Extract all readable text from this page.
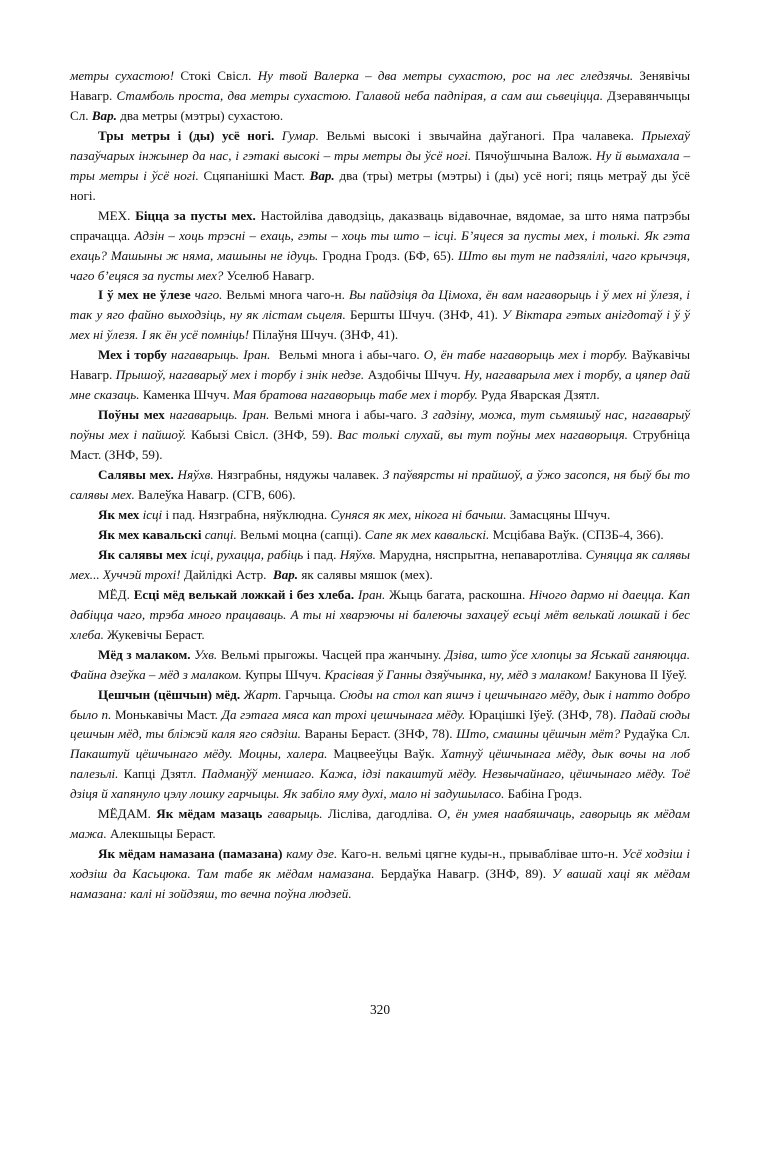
метры сухастою! Стокі Свісл. Ну твой Валерка – два метры сухастою, рос на лес гледзячы. Зенявічы Навагр. Стамболь проста, два метры сухастою. Галавой неба падпірая, а сам аш сьвеціцца. Дзеравянчыцы Сл. Вар. два метры (мэтры) сухастою.
Тры метры і (ды) усё ногі. Гумар. Вельмі высокі і звычайна даўганогі. Пра чалавека. Прыехаў пазаўчарых інжынер да нас, і гэтакі высокі – тры метры ды ўсё ногі. Пячоўшчына Валож. Ну й вымахала – тры метры і ўсё ногі. Сцяпанішкі Маст. Вар. два (тры) метры (мэтры) і (ды) усё ногі; пяць метраў ды ўсё ногі.
МЕХ. Біцца за пусты мех. Настойліва даводзіць, даказваць відавочнае, вядомае, за што няма патрэбы спрачацца. Адзін – хоць трэсні – ехаць, гэты – хоць ты што – ісці. Б’яцеся за пусты мех, і толькі. Як гэта ехаць? Машыны ж няма, машыны не ідуць. Гродна Гродз. (БФ, 65). Што вы тут не падзялілі, чаго крычэця, чаго б’ецяся за пусты мех? Уселюб Навагр.
І ў мех не ўлезе чаго. Вельмі многа чаго-н. Вы пайдзіця да Цімоха, ён вам нагаворыць і ў мех ні ўлезя, і так у яго файно выходзіць, ну як лістам сьцеля. Бершты Шчуч. (ЗНФ, 41). У Віктара гэтых анігдотаў і ў ў мех ні ўлезя. І як ён усё помніць! Пілаўня Шчуч. (ЗНФ, 41).
Мех і торбу нагаварыць. Іран.  Вельмі многа і абы-чаго. О, ён табе нагаворыць мех і торбу. Ваўкавічы Навагр. Прышоў, нагаварыў мех і торбу і знік недзе. Аздобічы Шчуч. Ну, нагаварыла мех і торбу, а цяпер дай мне сказаць. Каменка Шчуч. Мая братова нагаворыць табе мех і торбу. Руда Яварская Дзятл.
Поўны мех нагаварыць. Іран. Вельмі многа і абы-чаго. З гадзіну, можа, тут сьмяшыў нас, нагаварыў поўны мех і пайшоў. Кабызі Свісл. (ЗНФ, 59). Вас толькі слухай, вы тут поўны мех нагаворыця. Струбніца Маст. (ЗНФ, 59).
Салявы мех. Няўхв. Нязграбны, нядужы чалавек. З паўвярсты ні прайшоў, а ўжо засопся, ня быў бы то салявы мех. Валеўка Навагр. (СГВ, 606).
Як мех ісці і пад. Нязграбна, няўклюдна. Суняся як мех, нікога ні бачыш. Замасцяны Шчуч.
Як мех кавальскі сапці. Вельмі моцна (сапці). Сапе як мех кавальскі. Мсцібава Ваўк. (СПЗБ-4, 366).
Як салявы мех ісці, рухацца, рабіць і пад. Няўхв. Марудна, няспрытна, непаваротліва. Суняцца як салявы мех... Хуччэй трохі! Дайлідкі Астр.  Вар. як салявы мяшок (мех).
МЁД. Есці мёд велькай ложкай і без хлеба. Іран. Жыць багата, раскошна. Нічого дармо ні даецца. Кап дабіцца чаго, трэба много працаваць. А ты ні хварэючы ні балеючы захацеў есьці мёт велькай лошкай і бес хлеба. Жукевічы Бераст.
Мёд з малаком. Ухв. Вельмі прыгожы. Часцей пра жанчыну. Дзіва, што ўсе хлопцы за Яськай ганяюцца. Файна дзеўка – мёд з малаком. Купры Шчуч. Красівая ў Ганны дзяўчынка, ну, мёд з малаком! Бакунова ІІ Іўеў.
Цешчын (цёшчын) мёд. Жарт. Гарчыца. Сюды на стол кап яшчэ і цешчынаго мёду, дык і натто добро было п. Монькавічы Маст. Да гэтага мяса кап трохі цешчынага мёду. Юрацішкі Іўеў. (ЗНФ, 78). Падай сюды цешчын мёд, ты бліжэй каля яго сядзіш. Вараны Бераст. (ЗНФ, 78). Што, смашны цёшчын мёт? Рудаўка Сл. Пакаштуй цёшчынаго мёду. Моцны, халера. Мацвееўцы Ваўк. Хатнуў цёшчынага мёду, дык вочы на лоб палезьлі. Капці Дзятл. Падманўў меншаго. Кажа, ідзі пакаштуй мёду. Незвычайнаго, цёшчынаго мёду. Тоё дзіця й хапянуло цэлу лошку гарчыцы. Як забіло яму духі, мало ні задушыласо. Бабіна Гродз.
МЁДАМ. Як мёдам мазаць гаварыць. Лісліва, дагодліва. О, ён умея наабяшчаць, гаворыць як мёдам мажа. Алекшыцы Бераст.
Як мёдам намазана (памазана) каму дзе. Каго-н. вельмі цягне куды-н., прывабліваe што-н. Усё ходзіш і ходзіш да Касьцюка. Там табе як мёдам намазана. Бердаўка Навагр. (ЗНФ, 89). У вашай хаці як мёдам намазана: калі ні зойдзяш, то вечна поўна людзей.
320
